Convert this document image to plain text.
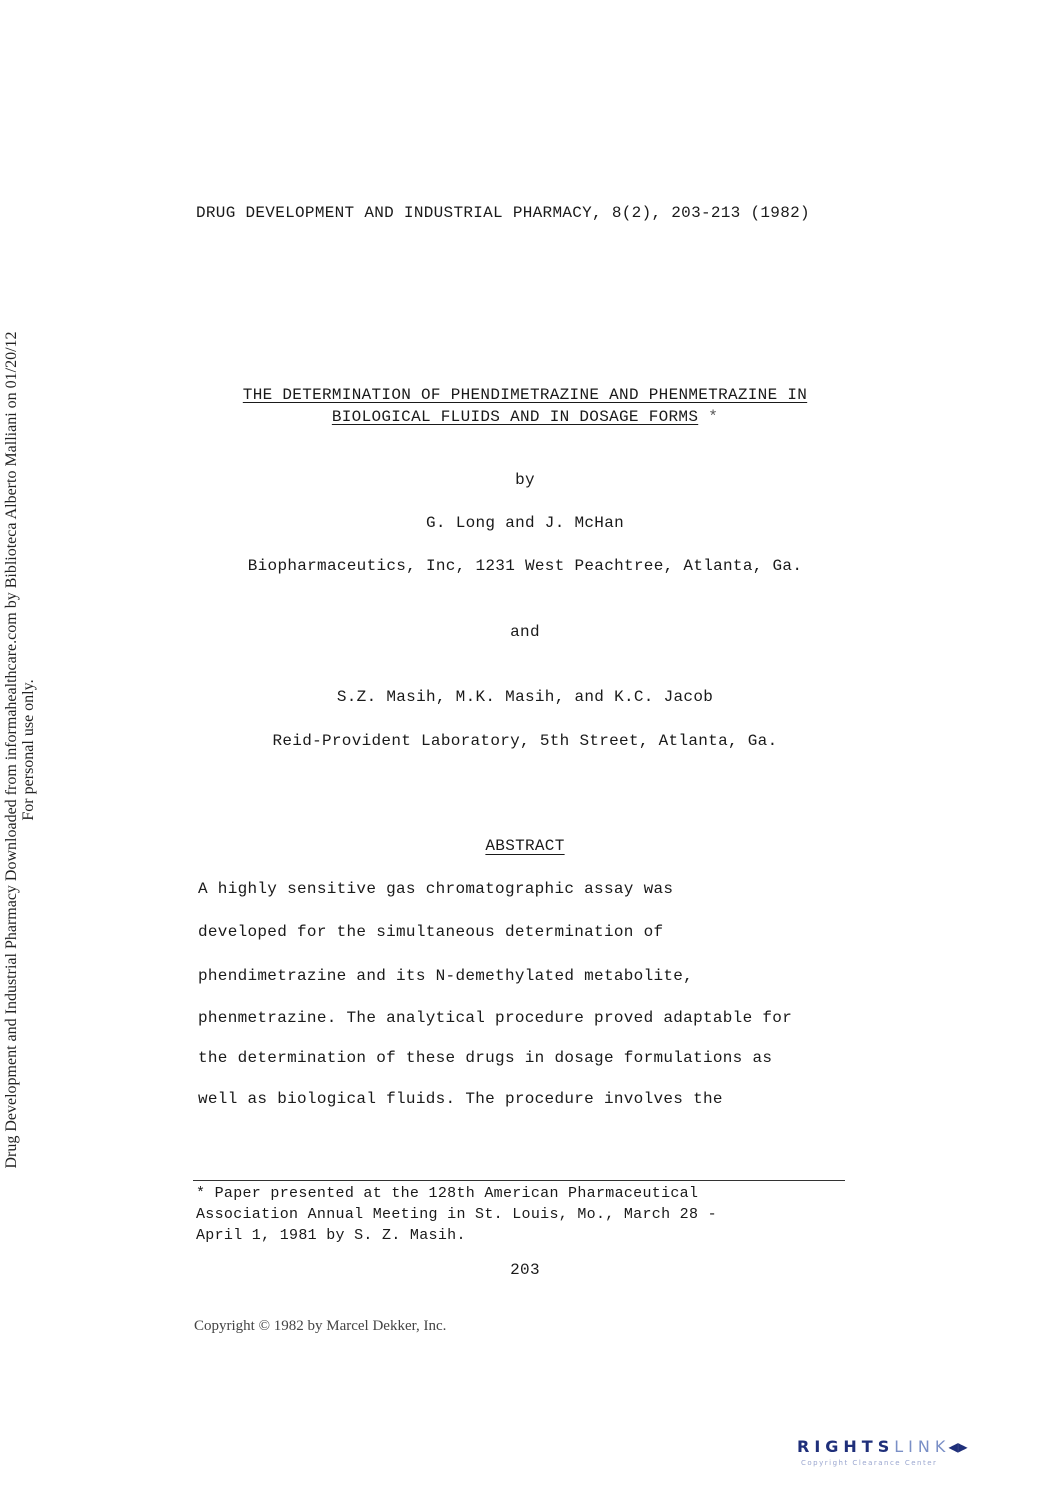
Drug Development and Industrial Pharmacy Downloaded from informahealthcare.com by Biblioteca Alberto Malliani on 01/20/12 For personal use only.
DRUG DEVELOPMENT AND INDUSTRIAL PHARMACY, 8(2), 203-213 (1982)
THE DETERMINATION OF PHENDIMETRAZINE AND PHENMETRAZINE IN
BIOLOGICAL FLUIDS AND IN DOSAGE FORMS *
by
G. Long and J. McHan
Biopharmaceutics, Inc, 1231 West Peachtree, Atlanta, Ga.
and
S.Z. Masih, M.K. Masih, and K.C. Jacob
Reid-Provident Laboratory, 5th Street, Atlanta, Ga.
ABSTRACT
A highly sensitive gas chromatographic assay was
developed for the simultaneous determination of
phendimetrazine and its N-demethylated metabolite,
phenmetrazine. The analytical procedure proved adaptable for
the determination of these drugs in dosage formulations as
well as biological fluids. The procedure involves the
* Paper presented at the 128th American Pharmaceutical
Association Annual Meeting in St. Louis, Mo., March 28 -
April 1, 1981 by S. Z. Masih.
203
Copyright © 1982 by Marcel Dekker, Inc.
RIGHTSLINK◀▶
Copyright Clearance Center
